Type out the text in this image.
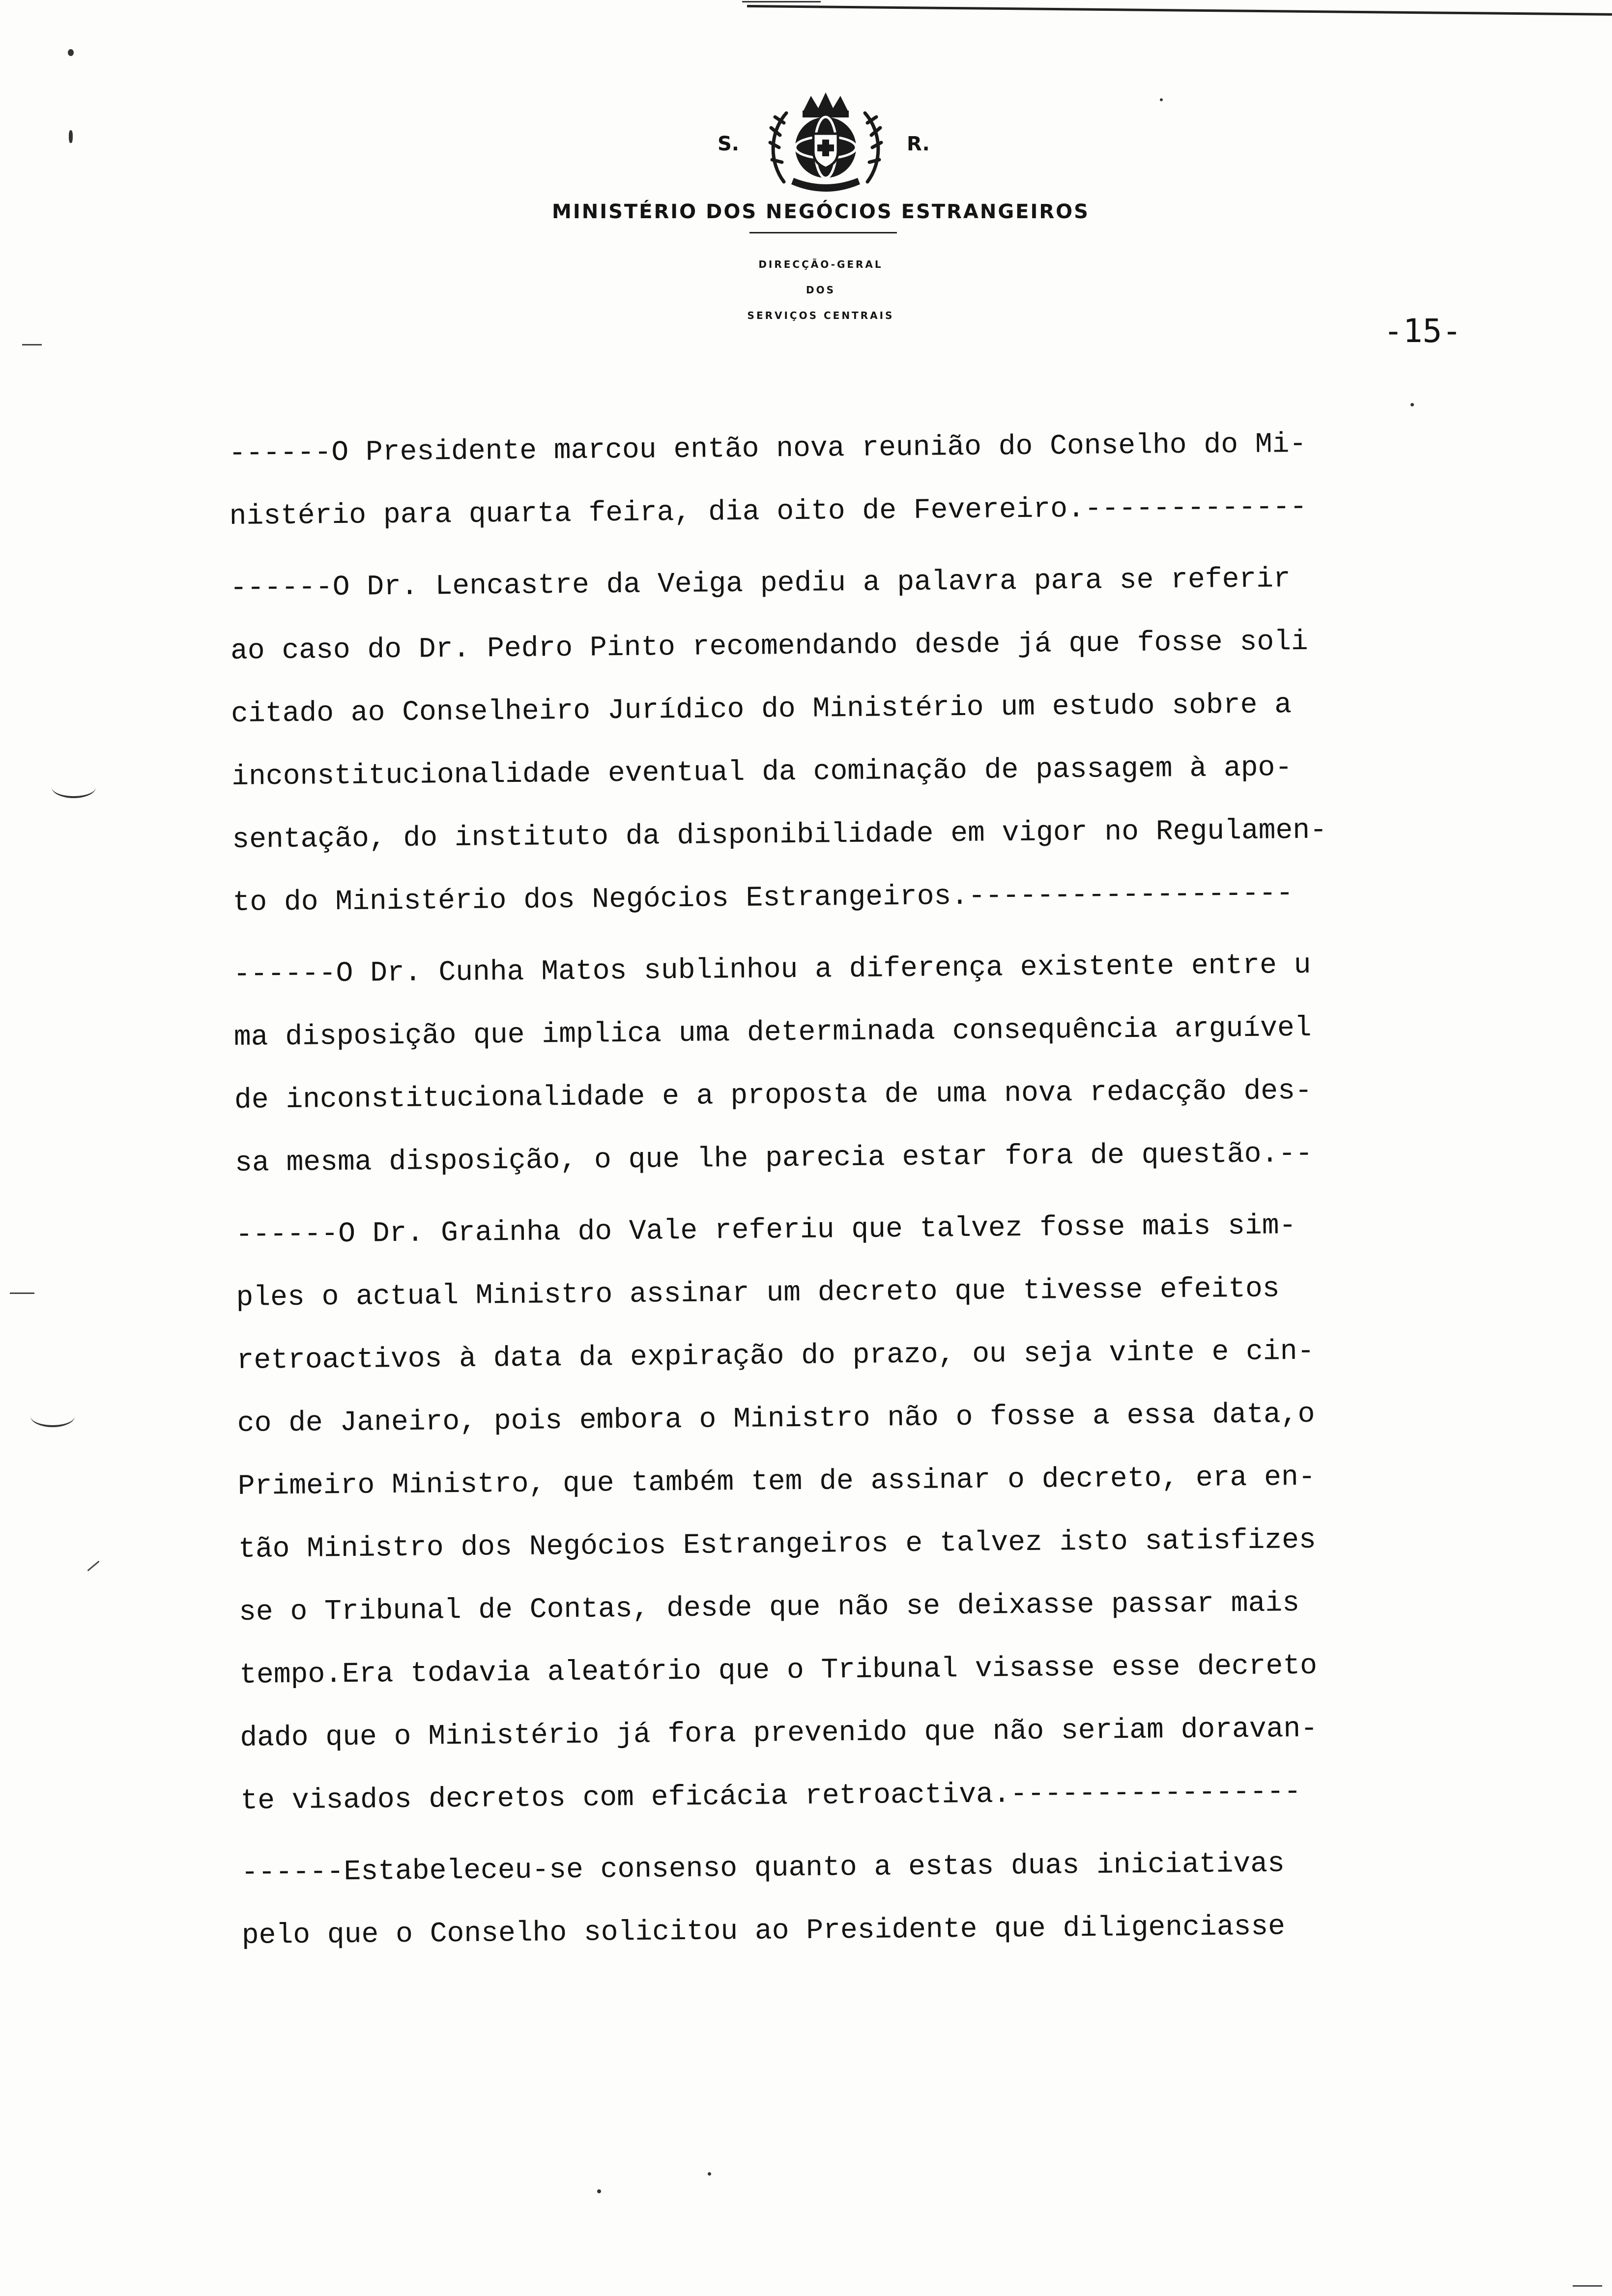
S.	R.
MINISTÉRIO DOS NEGÓCIOS ESTRANGEIROS
DIRECÇÃO-GERAL
DOS
SERVIÇOS CENTRAIS	-15-
------O Presidente marcou então nova reunião do Conselho do Mi-
nistério para quarta feira, dia oito de Fevereiro.-------------
------O Dr. Lencastre da Veiga pediu a palavra para se referir
ao caso do Dr. Pedro Pinto recomendando desde já que fosse soli
citado ao Conselheiro Jurídico do Ministério um estudo sobre a
inconstitucionalidade eventual da cominação de passagem à apo-
sentação, do instituto da disponibilidade em vigor no Regulamen-
to do Ministério dos Negócios Estrangeiros.-------------------
------O Dr. Cunha Matos sublinhou a diferença existente entre u
ma disposição que implica uma determinada consequência arguível
de inconstitucionalidade e a proposta de uma nova redacção des-
sa mesma disposição, o que lhe parecia estar fora de questão.--
------O Dr. Grainha do Vale referiu que talvez fosse mais sim-
ples o actual Ministro assinar um decreto que tivesse efeitos
retroactivos à data da expiração do prazo, ou seja vinte e cin-
co de Janeiro, pois embora o Ministro não o fosse a essa data,o
Primeiro Ministro, que também tem de assinar o decreto, era en-
tão Ministro dos Negócios Estrangeiros e talvez isto satisfizes
se o Tribunal de Contas, desde que não se deixasse passar mais
tempo.Era todavia aleatório que o Tribunal visasse esse decreto
dado que o Ministério já fora prevenido que não seriam doravan-
te visados decretos com eficácia retroactiva.-----------------
------Estabeleceu-se consenso quanto a estas duas iniciativas
pelo que o Conselho solicitou ao Presidente que diligenciasse
